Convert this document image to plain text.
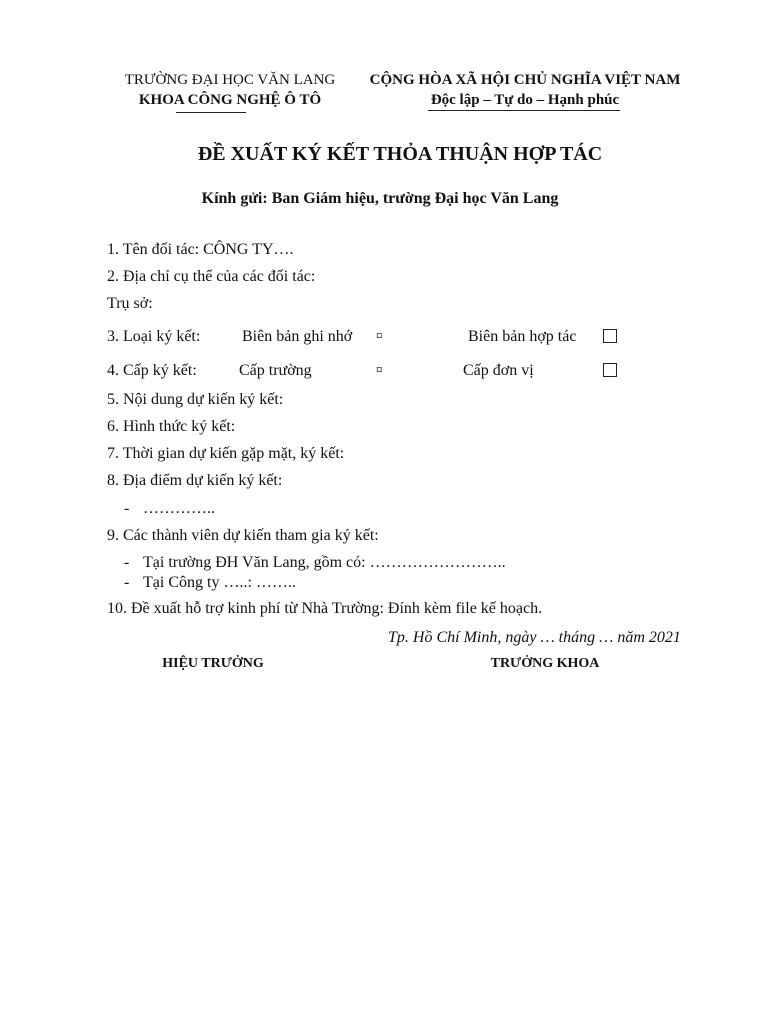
TRƯỜNG ĐẠI HỌC VĂN LANG
KHOA CÔNG NGHỆ Ô TÔ
CỘNG HÒA XÃ HỘI CHỦ NGHĨA VIỆT NAM
Độc lập – Tự do – Hạnh phúc
ĐỀ XUẤT KÝ KẾT THỎA THUẬN HỢP TÁC
Kính gửi: Ban Giám hiệu, trường Đại học Văn Lang
1. Tên đối tác: CÔNG TY….
2. Địa chỉ cụ thể của các đối tác:
Trụ sở:
3. Loại ký kết:	Biên bản ghi nhớ ¤	Biên bản hợp tác
4. Cấp ký kết:	Cấp trường	¤	Cấp đơn vị
5. Nội dung dự kiến ký kết:
6. Hình thức ký kết:
7. Thời gian dự kiến gặp mặt, ký kết:
8. Địa điểm dự kiến ký kết:
- …………..
9. Các thành viên dự kiến tham gia ký kết:
- Tại trường ĐH Văn Lang, gồm có: ……………………..
- Tại Công ty …..: ……..
10. Đề xuất hỗ trợ kinh phí từ Nhà Trường: Đính kèm file kế hoạch.
Tp. Hồ Chí Minh, ngày … tháng … năm 2021
HIỆU TRƯỞNG	TRƯỞNG KHOA
